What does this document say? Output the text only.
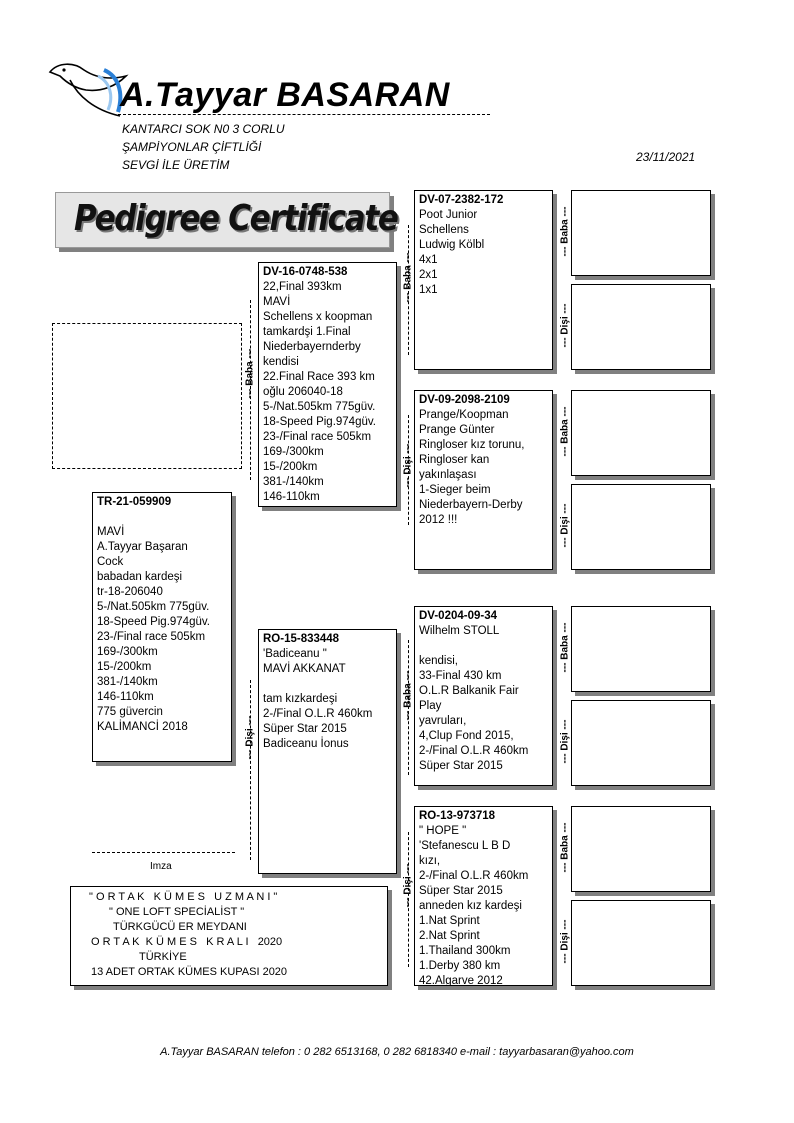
A.Tayyar BASARAN
KANTARCI SOK N0 3 CORLU
ŞAMPİYONLAR ÇİFTLİĞİ
SEVGİ İLE ÜRETİM
23/11/2021
Pedigree Certificate
TR-21-059909

MAVİ
A.Tayyar Başaran
Cock
babadan kardeşi
tr-18-206040
5-/Nat.505km 775güv.
18-Speed Pig.974güv.
23-/Final race 505km
169-/300km
15-/200km
381-/140km
146-110km
775 güvercin
KALİMANCİ 2018
DV-16-0748-538
22,Final 393km
MAVİ
Schellens x koopman
tamkardşi 1.Final
Niederbayernderby
kendisi
22.Final Race 393 km
oğlu 206040-18
5-/Nat.505km 775güv.
18-Speed Pig.974güv.
23-/Final race 505km
169-/300km
15-/200km
381-/140km
146-110km
--- Baba ---
RO-15-833448
'Badiceanu "
MAVİ AKKANAT

tam kızkardeşi
2-/Final O.L.R 460km
Süper Star 2015
Badiceanu İonus
--- Dişi ---
DV-07-2382-172
Poot Junior
Schellens
Ludwig Kölbl
4x1
2x1
1x1
--- Baba ---
DV-09-2098-2109
Prange/Koopman
Prange Günter
Ringloser kız torunu,
Ringloser kan
yakınlaşası
1-Sieger beim
Niederbayern-Derby
2012 !!!
--- Dişi ---
DV-0204-09-34
Wilhelm STOLL

kendisi,
33-Final 430 km
O.L.R Balkanik Fair
Play
yavruları,
4,Clup Fond 2015,
2-/Final O.L.R 460km
Süper Star 2015
--- Baba ---
RO-13-973718
" HOPE "
'Stefanescu L B D
kızı,
2-/Final O.L.R 460km
Süper Star 2015
anneden kız kardeşi
1.Nat Sprint
2.Nat Sprint
1.Thailand 300km
1.Derby 380 km
42.Algarve 2012
--- Dişi ---
--- Baba ---
--- Dişi ---
--- Baba ---
--- Dişi ---
--- Baba ---
--- Dişi ---
--- Baba ---
--- Dişi ---
Imza
" O R T A K   K Ü M E S   U Z M A N I "
" ONE LOFT SPECİALİST "
TÜRKGÜCÜ ER MEYDANI
O R T A K  K Ü M E S   K R A L I   2020
TÜRKİYE
13 ADET ORTAK KÜMES KUPASI 2020
A.Tayyar BASARAN telefon : 0 282 6513168, 0 282 6818340 e-mail : tayyarbasaran@yahoo.com
